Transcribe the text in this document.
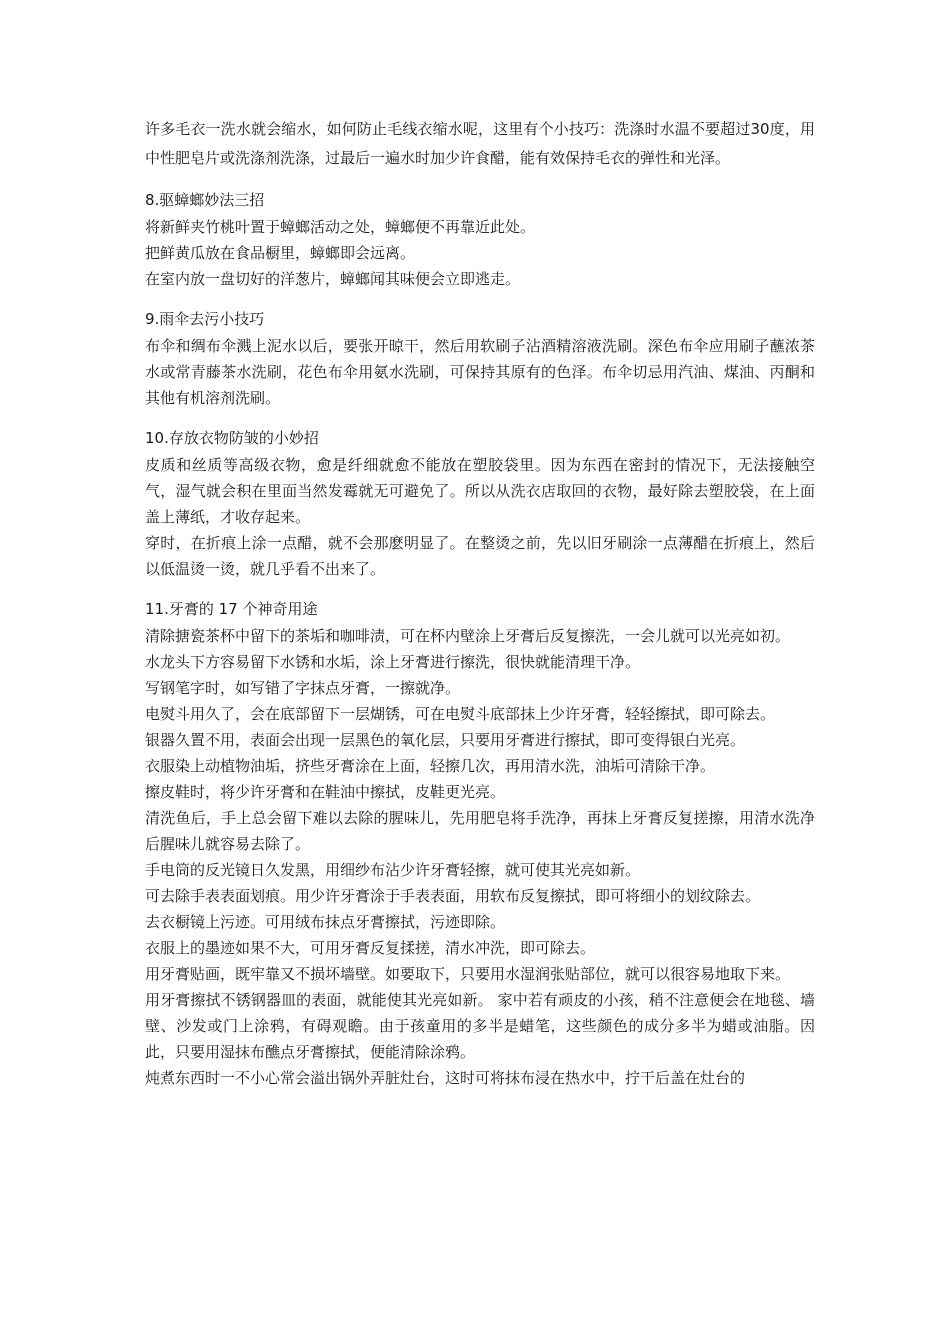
许多毛衣一洗水就会缩水，如何防止毛线衣缩水呢，这里有个小技巧：洗涤时水温不要超过30度，用中性肥皂片或洗涤剂洗涤，过最后一遍水时加少许食醋，能有效保持毛衣的弹性和光泽。

8.驱蟑螂妙法三招

将新鲜夹竹桃叶置于蟑螂活动之处，蟑螂便不再靠近此处。

把鲜黄瓜放在食品橱里，蟑螂即会远离。

在室内放一盘切好的洋葱片，蟑螂闻其味便会立即逃走。

9.雨伞去污小技巧

布伞和绸布伞溅上泥水以后，要张开晾干，然后用软刷子沾酒精溶液洗刷。深色布伞应用刷子蘸浓茶水或常青藤茶水洗刷，花色布伞用氨水洗刷，可保持其原有的色泽。布伞切忌用汽油、煤油、丙酮和其他有机溶剂洗刷。

10.存放衣物防皱的小妙招

皮质和丝质等高级衣物，愈是纤细就愈不能放在塑胶袋里。因为东西在密封的情况下，无法接触空气，湿气就会积在里面当然发霉就无可避免了。所以从洗衣店取回的衣物，最好除去塑胶袋，在上面盖上薄纸，才收存起来。

穿时，在折痕上涂一点醋，就不会那麽明显了。在整烫之前，先以旧牙刷涂一点薄醋在折痕上，然后以低温烫一烫，就几乎看不出来了。

11.牙膏的 17 个神奇用途

清除搪瓷茶杯中留下的茶垢和咖啡渍，可在杯内壁涂上牙膏后反复擦洗，一会儿就可以光亮如初。

水龙头下方容易留下水锈和水垢，涂上牙膏进行擦洗，很快就能清理干净。

写钢笔字时，如写错了字抹点牙膏，一擦就净。

电熨斗用久了，会在底部留下一层煳锈，可在电熨斗底部抹上少许牙膏，轻轻擦拭，即可除去。

银器久置不用，表面会出现一层黑色的氧化层，只要用牙膏进行擦拭，即可变得银白光亮。

衣服染上动植物油垢，挤些牙膏涂在上面，轻擦几次，再用清水洗，油垢可清除干净。

擦皮鞋时，将少许牙膏和在鞋油中擦拭，皮鞋更光亮。

清洗鱼后，手上总会留下难以去除的腥味儿，先用肥皂将手洗净，再抹上牙膏反复搓擦，用清水洗净后腥味儿就容易去除了。

手电筒的反光镜日久发黑，用细纱布沾少许牙膏轻擦，就可使其光亮如新。

可去除手表表面划痕。用少许牙膏涂于手表表面，用软布反复擦拭，即可将细小的划纹除去。

去衣橱镜上污迹。可用绒布抹点牙膏擦拭，污迹即除。

衣服上的墨迹如果不大，可用牙膏反复揉搓，清水冲洗，即可除去。

用牙膏贴画，既牢靠又不损坏墙壁。如要取下，只要用水湿润张贴部位，就可以很容易地取下来。

用牙膏擦拭不锈钢器皿的表面，就能使其光亮如新。 家中若有顽皮的小孩，稍不注意便会在地毯、墙壁、沙发或门上涂鸦，有碍观瞻。由于孩童用的多半是蜡笔，这些颜色的成分多半为蜡或油脂。因此，只要用湿抹布醮点牙膏擦拭，便能清除涂鸦。

炖煮东西时一不小心常会溢出锅外弄脏灶台，这时可将抹布浸在热水中，拧干后盖在灶台的
